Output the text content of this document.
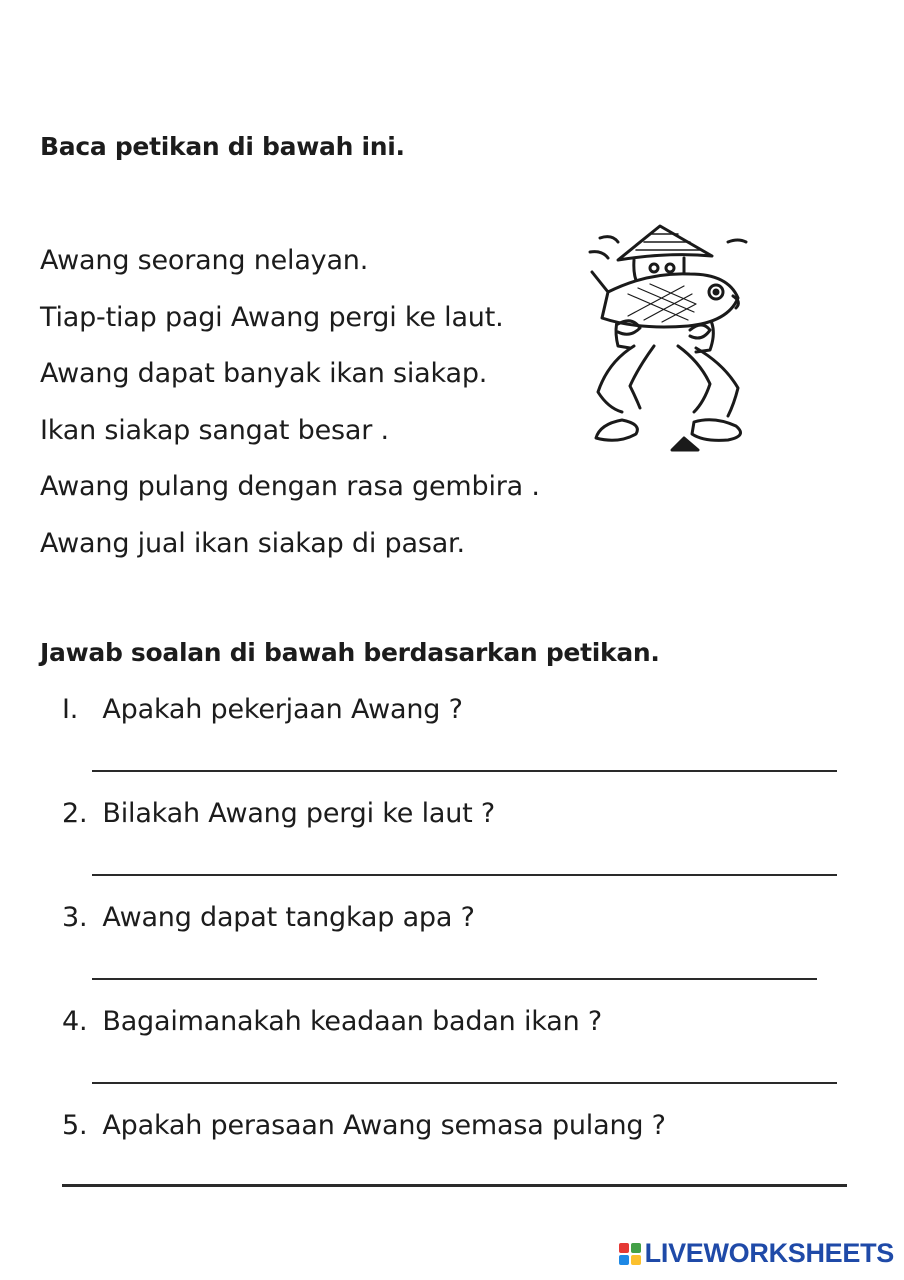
Baca petikan di bawah ini.
Awang seorang nelayan.
Tiap-tiap pagi Awang pergi ke laut.
Awang dapat banyak ikan siakap.
Ikan siakap sangat besar .
Awang pulang dengan rasa gembira .
Awang jual ikan siakap di pasar.
Jawab soalan di bawah berdasarkan petikan.
I. Apakah pekerjaan Awang ?
2. Bilakah Awang pergi ke laut ?
3. Awang dapat tangkap apa ?
4. Bagaimanakah keadaan badan ikan ?
5. Apakah perasaan Awang semasa pulang ?
LIVEWORKSHEETS
